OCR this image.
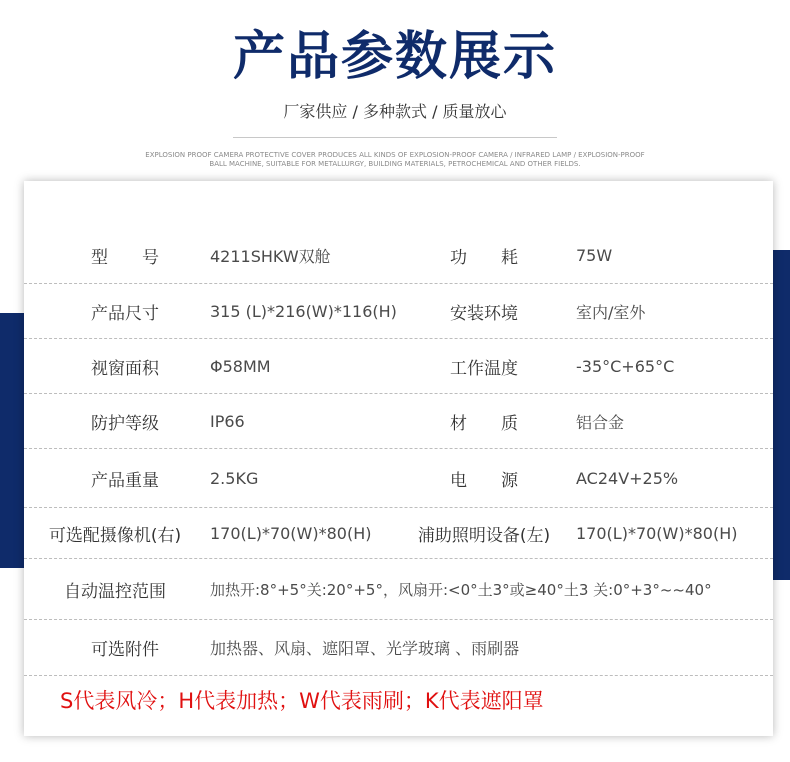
产品参数展示
厂家供应 / 多种款式 / 质量放心
EXPLOSION PROOF CAMERA PROTECTIVE COVER PRODUCES ALL KINDS OF EXPLOSION-PROOF CAMERA / INFRARED LAMP / EXPLOSION-PROOF BALL MACHINE, SUITABLE FOR METALLURGY, BUILDING MATERIALS, PETROCHEMICAL AND OTHER FIELDS.
型　　号	4211SHKW双舱	功　　耗	75W
产品尺寸	315 (L)*216(W)*116(H)	安装环境	室内/室外
视窗面积	Φ58MM	工作温度	-35°C+65°C
防护等级	IP66	材　　质	铝合金
产品重量	2.5KG	电　　源	AC24V+25%
可选配摄像机(右)	170(L)*70(W)*80(H)	浦助照明设备(左)	170(L)*70(W)*80(H)
自动温控范围	加热开:8°+5°关:20°+5°，风扇开:<0°土3°或≥40°土3 关:0°+3°~~40°
可选附件	加热器、风扇、遮阳罩、光学玻璃 、雨刷器
S代表风冷；H代表加热；W代表雨刷；K代表遮阳罩
